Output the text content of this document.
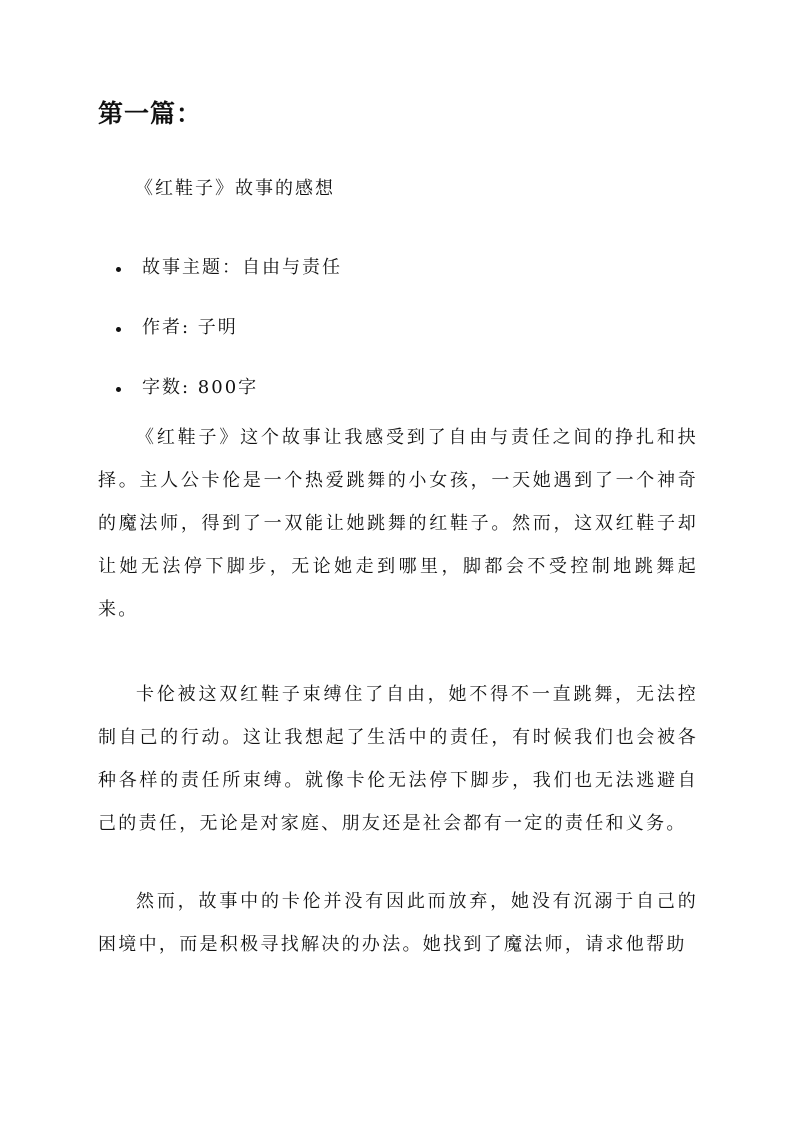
第一篇：

《红鞋子》故事的感想

故事主题：自由与责任
作者: 子明
字数: 800字

《红鞋子》这个故事让我感受到了自由与责任之间的挣扎和抉择。主人公卡伦是一个热爱跳舞的小女孩，一天她遇到了一个神奇的魔法师，得到了一双能让她跳舞的红鞋子。然而，这双红鞋子却让她无法停下脚步，无论她走到哪里，脚都会不受控制地跳舞起来。

卡伦被这双红鞋子束缚住了自由，她不得不一直跳舞，无法控制自己的行动。这让我想起了生活中的责任，有时候我们也会被各种各样的责任所束缚。就像卡伦无法停下脚步，我们也无法逃避自己的责任，无论是对家庭、朋友还是社会都有一定的责任和义务。

然而，故事中的卡伦并没有因此而放弃，她没有沉溺于自己的困境中，而是积极寻找解决的办法。她找到了魔法师，请求他帮助
